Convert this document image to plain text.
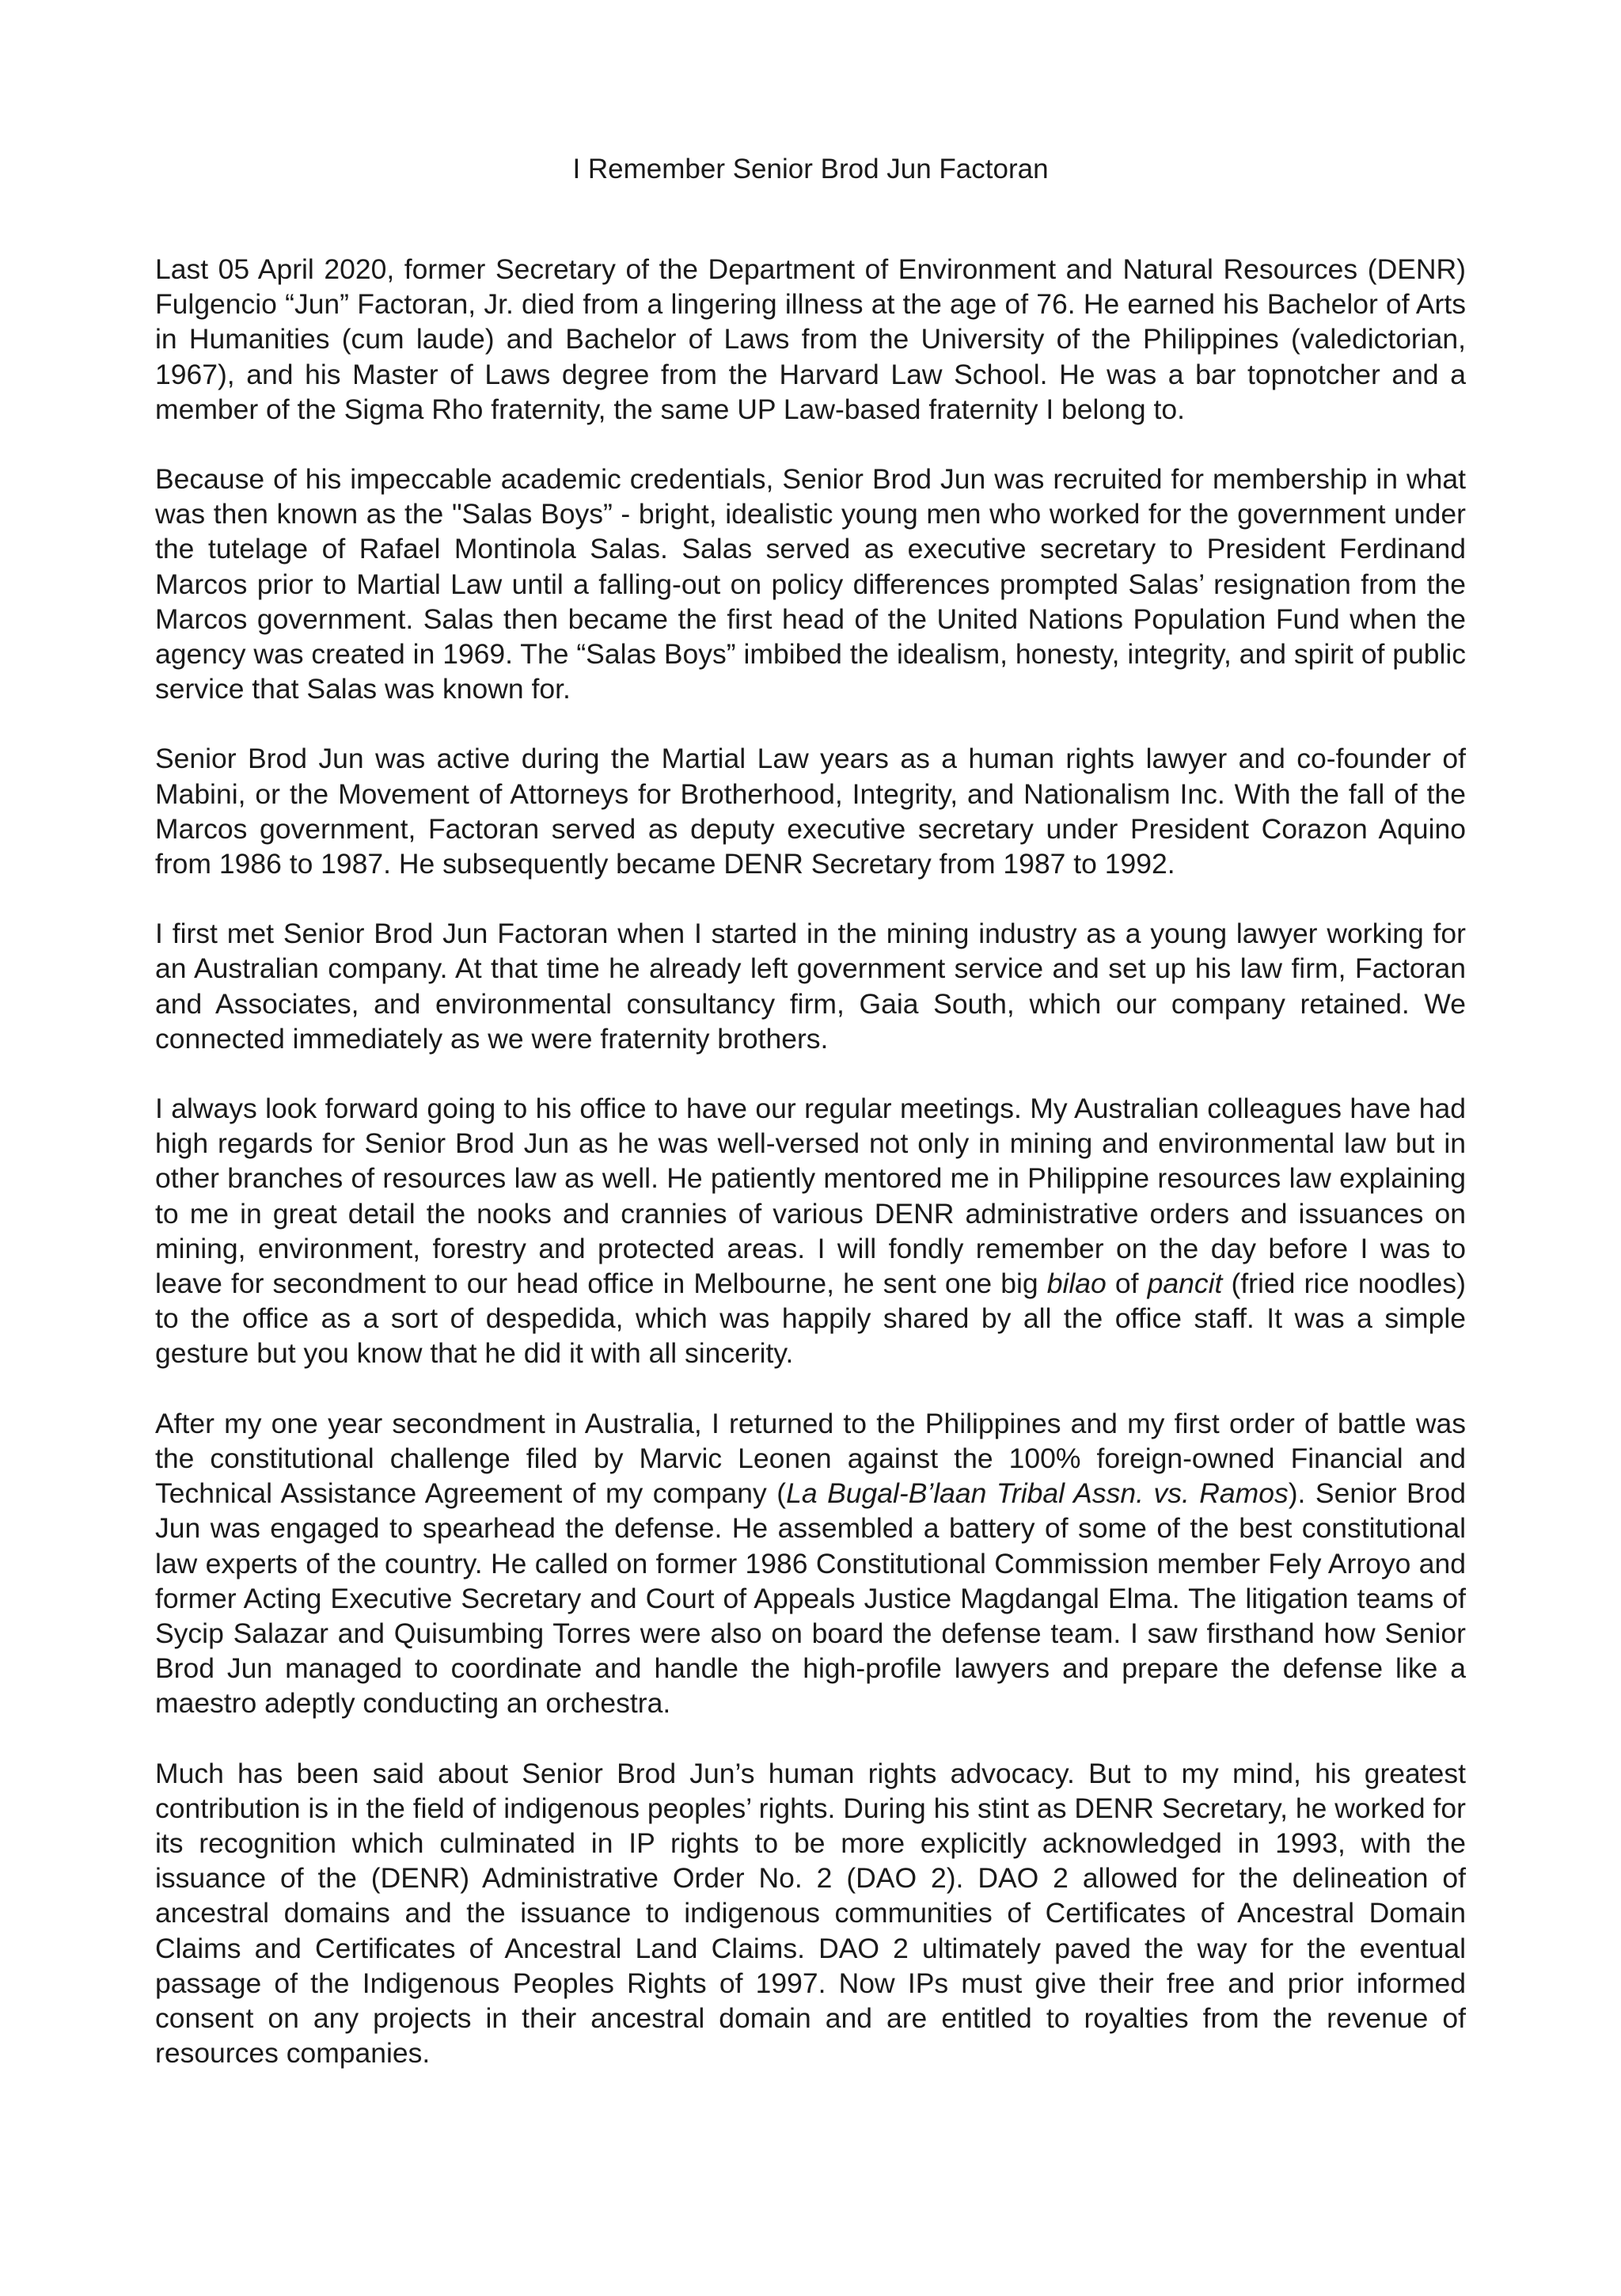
I Remember Senior Brod Jun Factoran

Last 05 April 2020, former Secretary of the Department of Environment and Natural Resources (DENR) Fulgencio “Jun” Factoran, Jr. died from a lingering illness at the age of 76. He earned his Bachelor of Arts in Humanities (cum laude) and Bachelor of Laws from the University of the Philippines (valedictorian, 1967), and his Master of Laws degree from the Harvard Law School. He was a bar topnotcher and a member of the Sigma Rho fraternity, the same UP Law-based fraternity I belong to.

Because of his impeccable academic credentials, Senior Brod Jun was recruited for membership in what was then known as the "Salas Boys” - bright, idealistic young men who worked for the government under the tutelage of Rafael Montinola Salas. Salas served as executive secretary to President Ferdinand Marcos prior to Martial Law until a falling-out on policy differences prompted Salas’ resignation from the Marcos government. Salas then became the first head of the United Nations Population Fund when the agency was created in 1969. The “Salas Boys” imbibed the idealism, honesty, integrity, and spirit of public service that Salas was known for.

Senior Brod Jun was active during the Martial Law years as a human rights lawyer and co-founder of Mabini, or the Movement of Attorneys for Brotherhood, Integrity, and Nationalism Inc. With the fall of the Marcos government, Factoran served as deputy executive secretary under President Corazon Aquino from 1986 to 1987. He subsequently became DENR Secretary from 1987 to 1992.

I first met Senior Brod Jun Factoran when I started in the mining industry as a young lawyer working for an Australian company. At that time he already left government service and set up his law firm, Factoran and Associates, and environmental consultancy firm, Gaia South, which our company retained. We connected immediately as we were fraternity brothers.

I always look forward going to his office to have our regular meetings. My Australian colleagues have had high regards for Senior Brod Jun as he was well-versed not only in mining and environmental law but in other branches of resources law as well. He patiently mentored me in Philippine resources law explaining to me in great detail the nooks and crannies of various DENR administrative orders and issuances on mining, environment, forestry and protected areas. I will fondly remember on the day before I was to leave for secondment to our head office in Melbourne, he sent one big bilao of pancit (fried rice noodles) to the office as a sort of despedida, which was happily shared by all the office staff. It was a simple gesture but you know that he did it with all sincerity.

After my one year secondment in Australia, I returned to the Philippines and my first order of battle was the constitutional challenge filed by Marvic Leonen against the 100% foreign-owned Financial and Technical Assistance Agreement of my company (La Bugal-B’laan Tribal Assn. vs. Ramos). Senior Brod Jun was engaged to spearhead the defense. He assembled a battery of some of the best constitutional law experts of the country. He called on former 1986 Constitutional Commission member Fely Arroyo and former Acting Executive Secretary and Court of Appeals Justice Magdangal Elma. The litigation teams of Sycip Salazar and Quisumbing Torres were also on board the defense team. I saw firsthand how Senior Brod Jun managed to coordinate and handle the high-profile lawyers and prepare the defense like a maestro adeptly conducting an orchestra.

Much has been said about Senior Brod Jun’s human rights advocacy. But to my mind, his greatest contribution is in the field of indigenous peoples’ rights. During his stint as DENR Secretary, he worked for its recognition which culminated in IP rights to be more explicitly acknowledged in 1993, with the issuance of the (DENR) Administrative Order No. 2 (DAO 2). DAO 2 allowed for the delineation of ancestral domains and the issuance to indigenous communities of Certificates of Ancestral Domain Claims and Certificates of Ancestral Land Claims. DAO 2 ultimately paved the way for the eventual passage of the Indigenous Peoples Rights of 1997. Now IPs must give their free and prior informed consent on any projects in their ancestral domain and are entitled to royalties from the revenue of resources companies.
